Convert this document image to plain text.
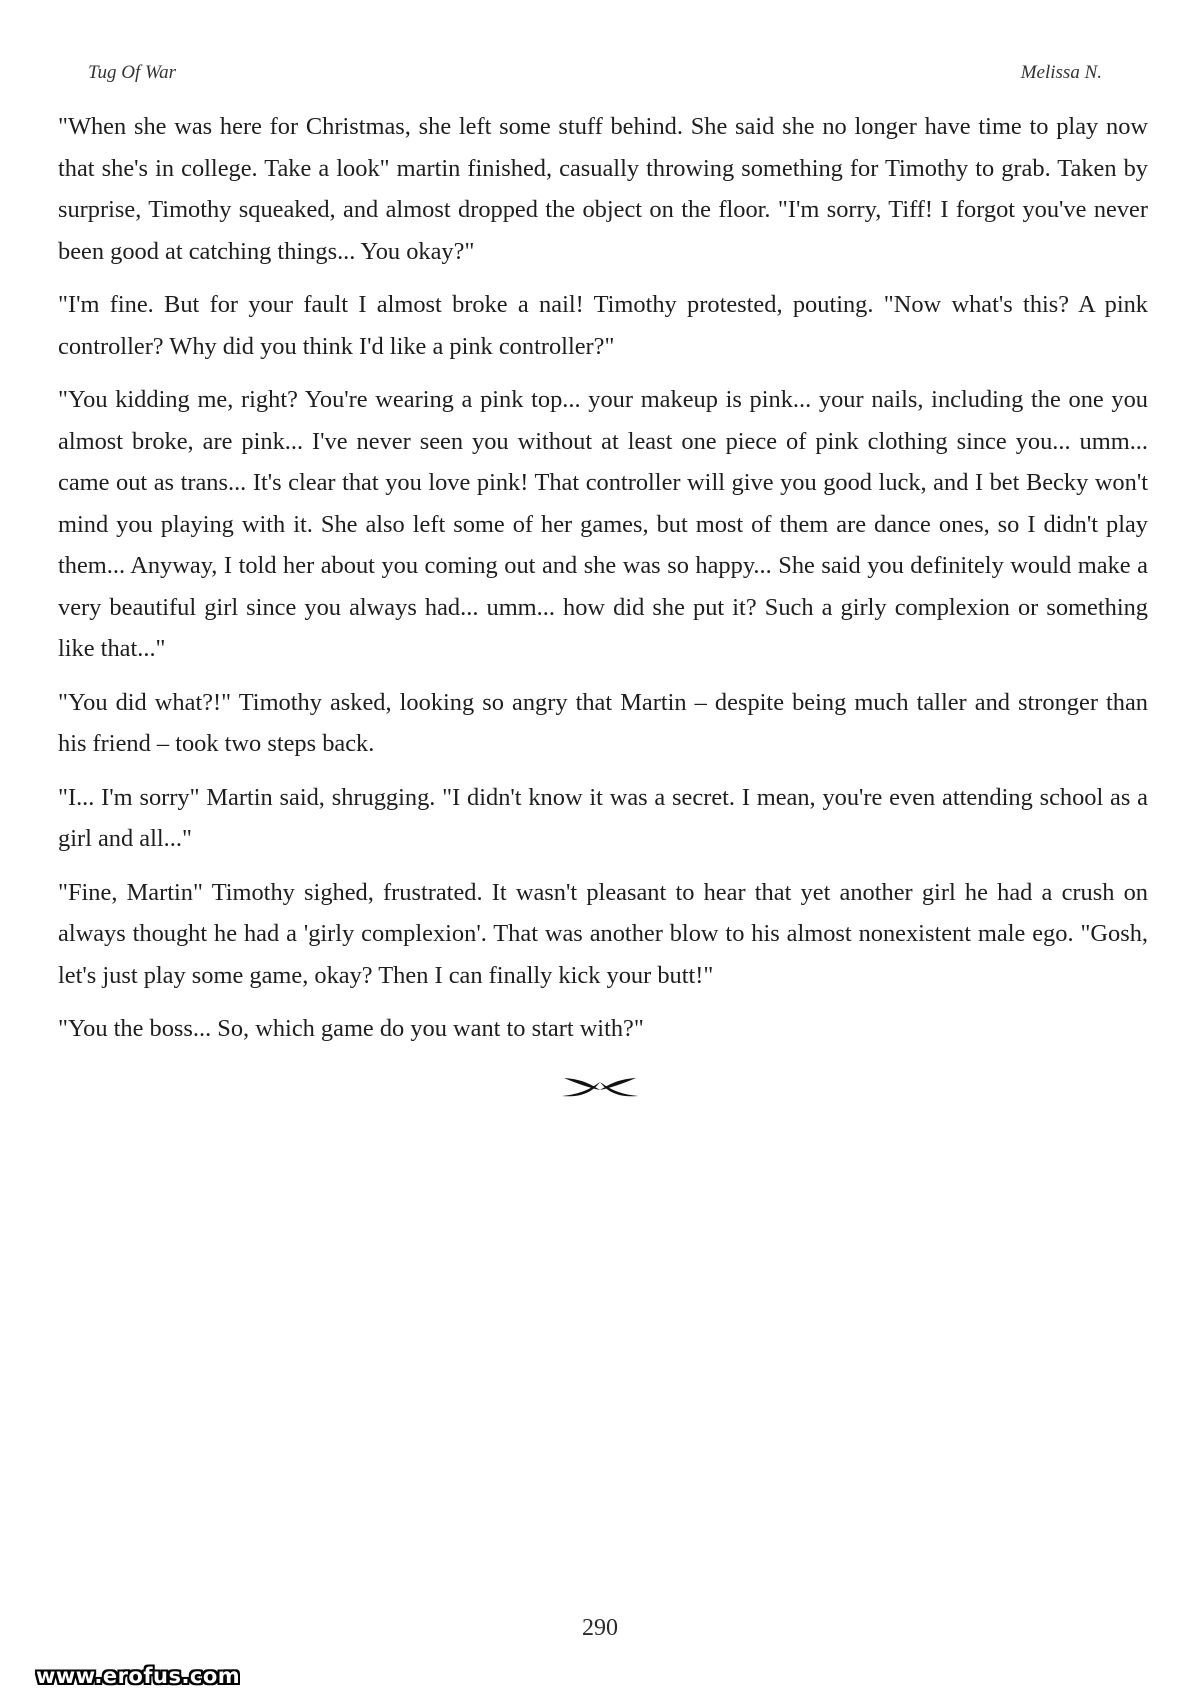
Tug Of War	Melissa N.

"When she was here for Christmas, she left some stuff behind. She said she no longer have time to play now that she's in college. Take a look" martin finished, casually throwing something for Timothy to grab. Taken by surprise, Timothy squeaked, and almost dropped the object on the floor. "I'm sorry, Tiff! I forgot you've never been good at catching things... You okay?"

"I'm fine. But for your fault I almost broke a nail! Timothy protested, pouting. "Now what's this? A pink controller? Why did you think I'd like a pink controller?"

"You kidding me, right? You're wearing a pink top... your makeup is pink... your nails, including the one you almost broke, are pink... I've never seen you without at least one piece of pink clothing since you... umm... came out as trans... It's clear that you love pink! That controller will give you good luck, and I bet Becky won't mind you playing with it. She also left some of her games, but most of them are dance ones, so I didn't play them... Anyway, I told her about you coming out and she was so happy... She said you definitely would make a very beautiful girl since you always had... umm... how did she put it? Such a girly complexion or something like that..."

"You did what?!" Timothy asked, looking so angry that Martin – despite being much taller and stronger than his friend – took two steps back.

"I... I'm sorry" Martin said, shrugging. "I didn't know it was a secret. I mean, you're even attending school as a girl and all..."

"Fine, Martin" Timothy sighed, frustrated. It wasn't pleasant to hear that yet another girl he had a crush on always thought he had a 'girly complexion'. That was another blow to his almost nonexistent male ego. "Gosh, let's just play some game, okay? Then I can finally kick your butt!"

"You the boss... So, which game do you want to start with?"

290
www.erofus.com
